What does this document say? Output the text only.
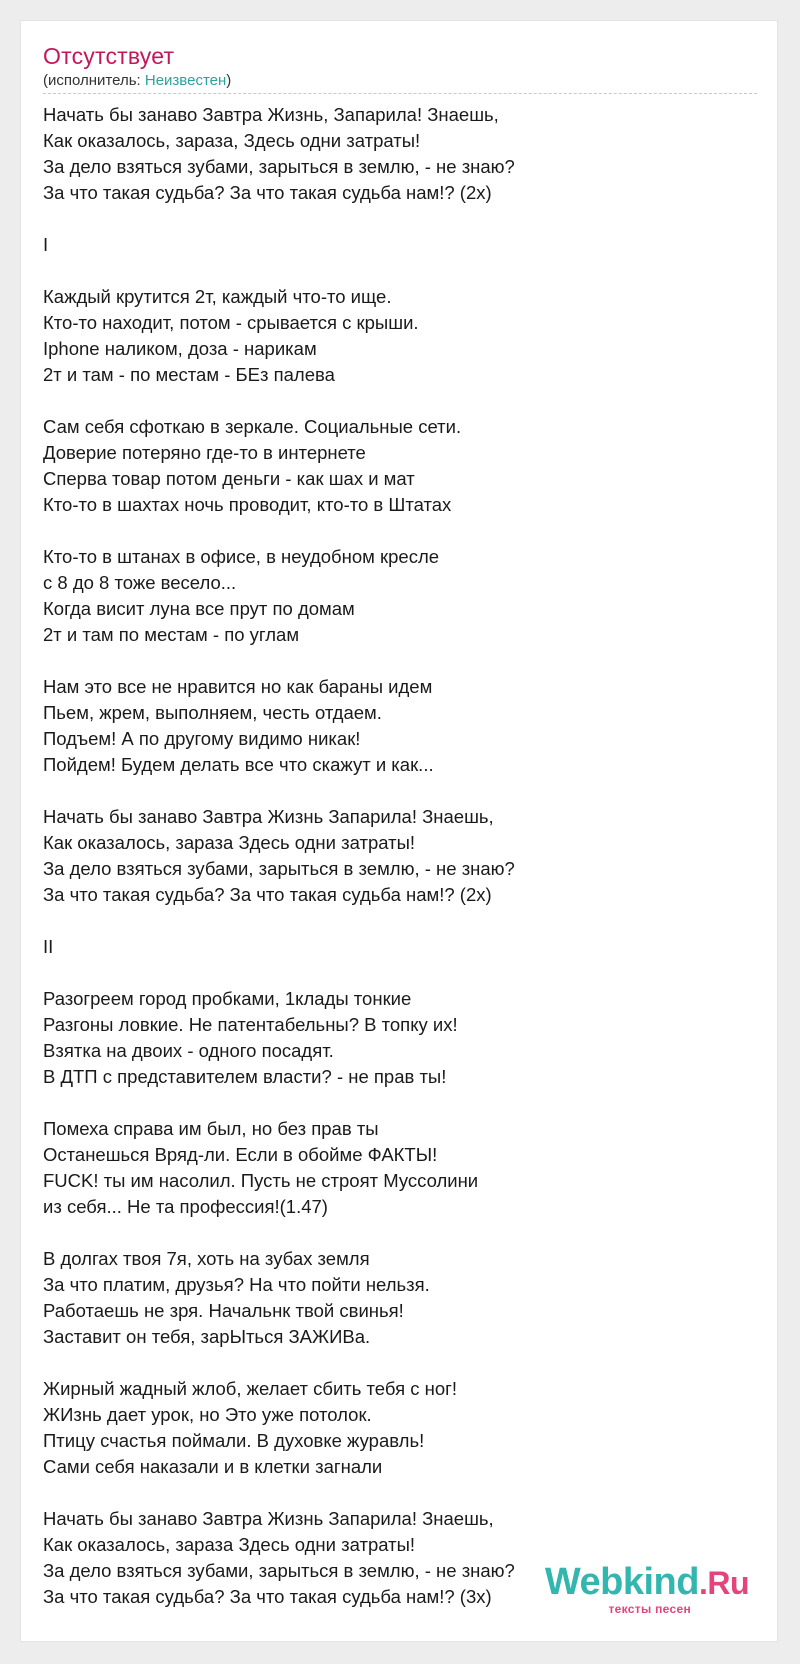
Отсутствует
(исполнитель: Неизвестен)
Начать бы занаво Завтра Жизнь, Запарила! Знаешь,
Как оказалось, зараза, Здесь одни затраты!
За дело взяться зубами, зарыться в землю, - не знаю?
За что такая судьба? За что такая судьба нам!? (2х)
I
Каждый крутится 2т, каждый что-то ище.
Кто-то находит, потом - срывается с крыши.
Iphone наликом, доза - нарикам
2т и там - по местам - БЕз палева
Сам себя сфоткаю в зеркале. Социальные сети.
Доверие потеряно где-то в интернете
Сперва товар потом деньги - как шах и мат
Кто-то в шахтах ночь проводит, кто-то в Штатах
Кто-то в штанах в офисе, в неудобном кресле
с 8 до 8 тоже весело...
Когда висит луна все прут по домам
2т и там по местам - по углам
Нам это все не нравится но как бараны идем
Пьем, жрем, выполняем, честь отдаем.
Подъем! А по другому видимо никак!
Пойдем! Будем делать все что скажут и как...
Начать бы занаво Завтра Жизнь Запарила! Знаешь,
Как оказалось, зараза Здесь одни затраты!
За дело взяться зубами, зарыться в землю, - не знаю?
За что такая судьба? За что такая судьба нам!? (2х)
II
Разогреем город пробками, 1клады тонкие
Разгоны ловкие. Не патентабельны? В топку их!
Взятка на двоих - одного посадят.
В ДТП с представителем власти? - не прав ты!
Помеха справа им был, но без прав ты
Останешься Вряд-ли. Если в обойме ФАКТЫ!
FUCK! ты им насолил. Пусть не строят Муссолини
из себя... Не та профессия!(1.47)
В долгах твоя 7я, хоть на зубах земля
За что платим, друзья? На что пойти нельзя.
Работаешь не зря. Начальнк твой свинья!
Заставит он тебя, зарЫться ЗАЖИВа.
Жирный жадный жлоб, желает сбить тебя с ног!
ЖИзнь дает урок, но Это уже потолок.
Птицу счастья поймали. В духовке журавль!
Сами себя наказали и в клетки загнали
Начать бы занаво Завтра Жизнь Запарила! Знаешь,
Как оказалось, зараза Здесь одни затраты!
За дело взяться зубами, зарыться в землю, - не знаю?
За что такая судьба? За что такая судьба нам!? (3х)	Webkind.Ru
тексты песен
